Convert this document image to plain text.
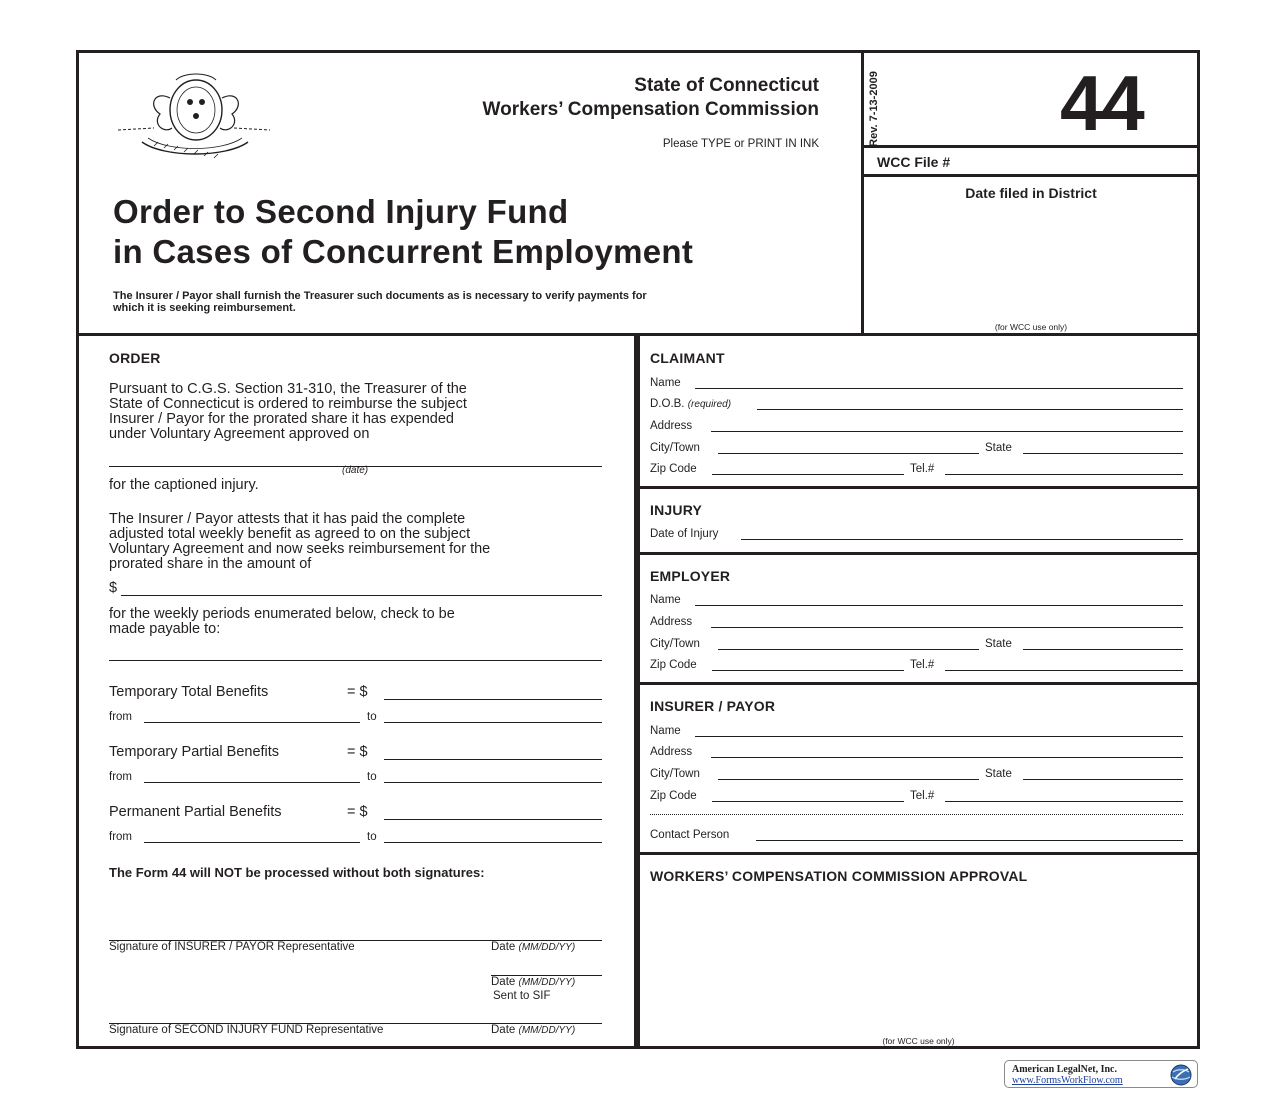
State of Connecticut
Workers’ Compensation Commission
Please TYPE or PRINT IN INK
Order to Second Injury Fund
in Cases of Concurrent Employment
The Insurer / Payor shall furnish the Treasurer such documents as is necessary to verify payments for
which it is seeking reimbursement.
Rev. 7-13-2009 44
WCC File #
Date filed in District
(for WCC use only)
ORDER
Pursuant to C.G.S. Section 31-310, the Treasurer of the
State of Connecticut is ordered to reimburse the subject
Insurer / Payor for the prorated share it has expended
under Voluntary Agreement approved on
(date)
for the captioned injury.
The Insurer / Payor attests that it has paid the complete
adjusted total weekly benefit as agreed to on the subject
Voluntary Agreement and now seeks reimbursement for the
prorated share in the amount of
$
for the weekly periods enumerated below, check to be
made payable to:
Temporary Total Benefits	= $
from	to
Temporary Partial Benefits	= $
from	to
Permanent Partial Benefits	= $
from	to
The Form 44 will NOT be processed without both signatures:
Signature of INSURER / PAYOR Representative	Date (MM/DD/YY)
Date (MM/DD/YY)
Sent to SIF
Signature of SECOND INJURY FUND Representative	Date (MM/DD/YY)
CLAIMANT
Name
D.O.B. (required)
Address
City/Town	State
Zip Code	Tel.#
INJURY
Date of Injury
EMPLOYER
Name
Address
City/Town	State
Zip Code	Tel.#
INSURER / PAYOR
Name
Address
City/Town	State
Zip Code	Tel.#
Contact Person
WORKERS’ COMPENSATION COMMISSION APPROVAL
(for WCC use only)
American LegalNet, Inc.
www.FormsWorkFlow.com
